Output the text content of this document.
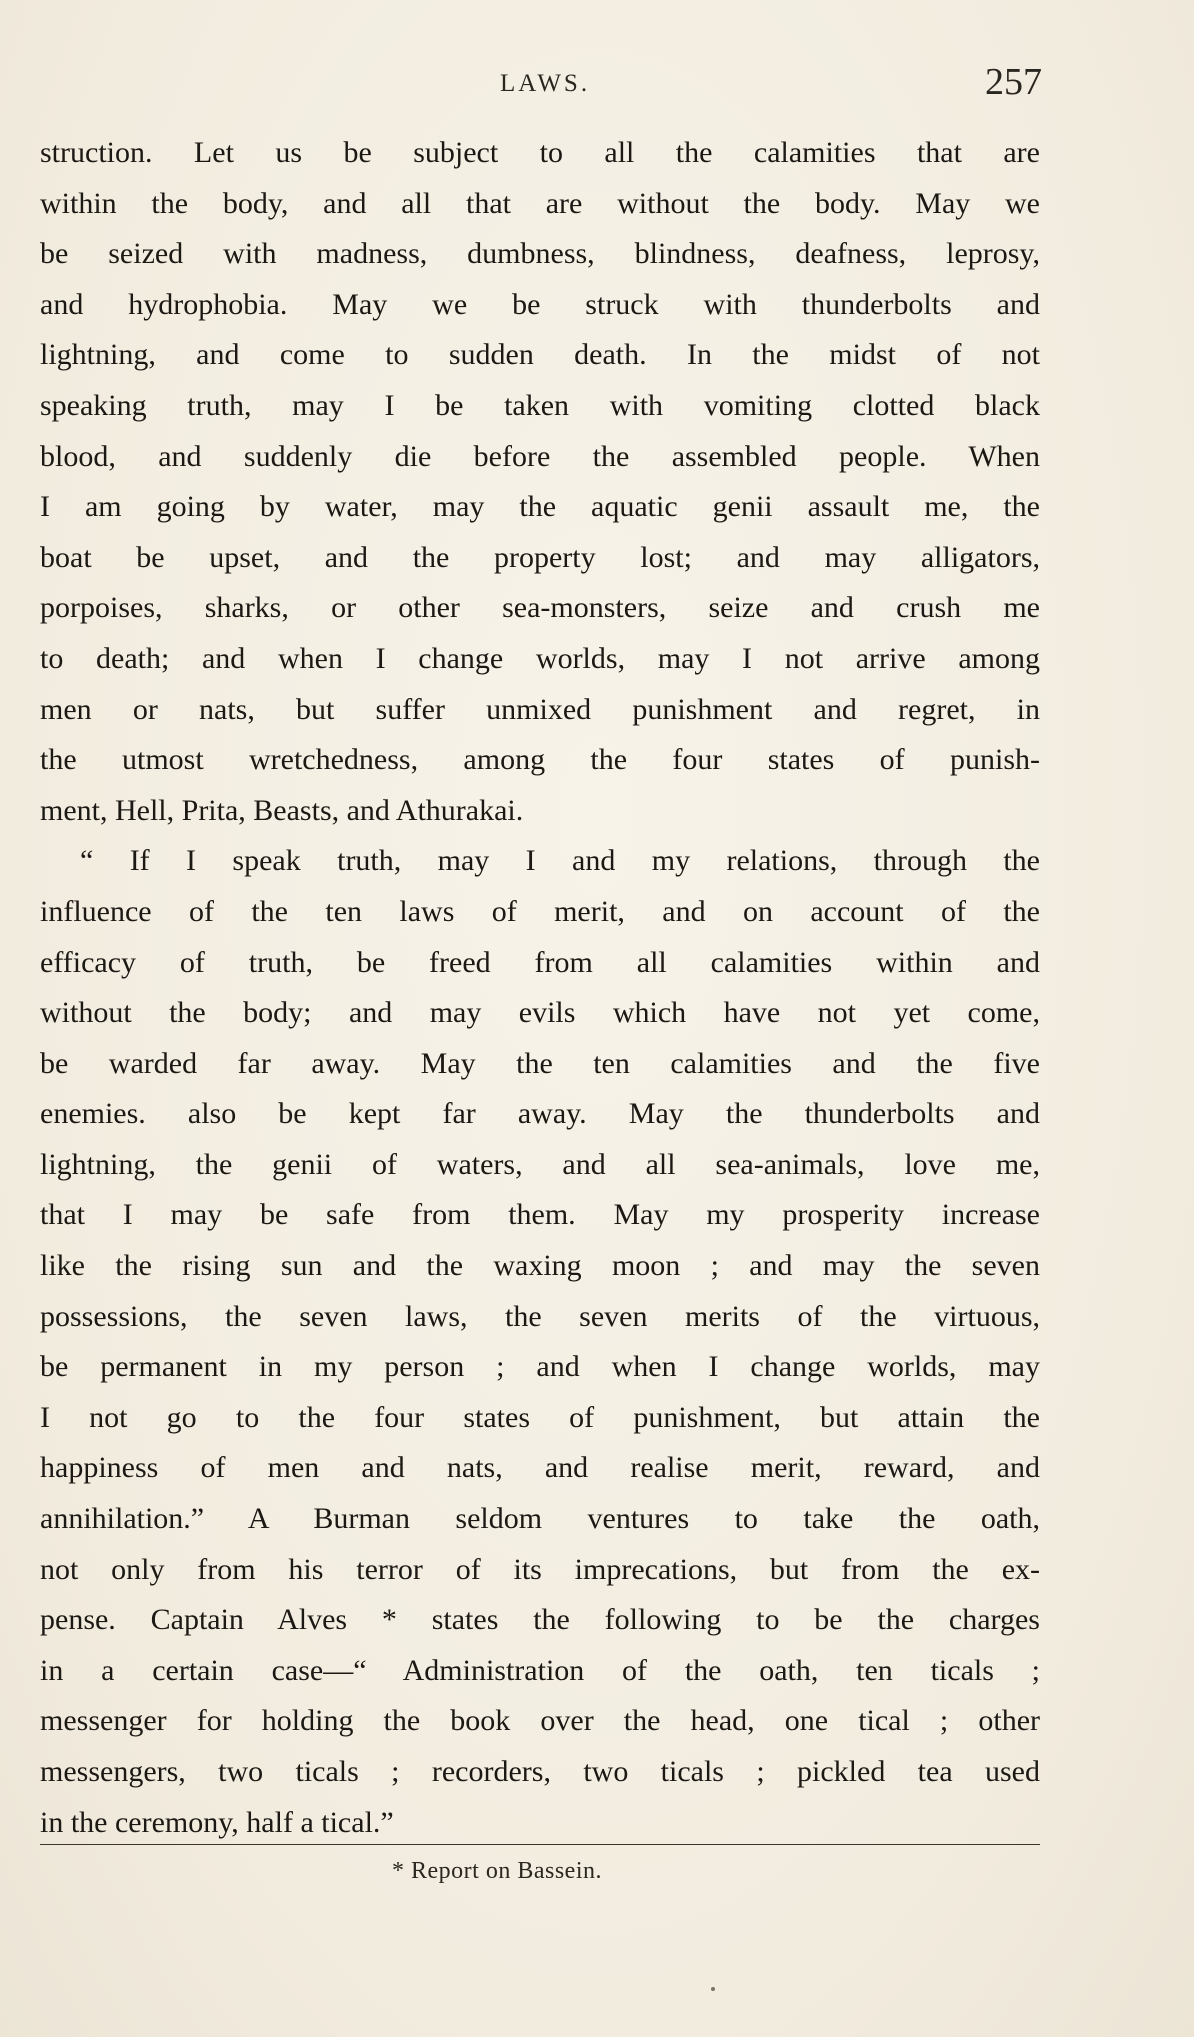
LAWS.	257
struction. Let us be subject to all the calamities that are
within the body, and all that are without the body. May we
be seized with madness, dumbness, blindness, deafness, leprosy,
and hydrophobia. May we be struck with thunderbolts and
lightning, and come to sudden death. In the midst of not
speaking truth, may I be taken with vomiting clotted black
blood, and suddenly die before the assembled people. When
I am going by water, may the aquatic genii assault me, the
boat be upset, and the property lost; and may alligators,
porpoises, sharks, or other sea-monsters, seize and crush me
to death; and when I change worlds, may I not arrive among
men or nats, but suffer unmixed punishment and regret, in
the utmost wretchedness, among the four states of punish-
ment, Hell, Prita, Beasts, and Athurakai.
“ If I speak truth, may I and my relations, through the
influence of the ten laws of merit, and on account of the
efficacy of truth, be freed from all calamities within and
without the body; and may evils which have not yet come,
be warded far away. May the ten calamities and the five
enemies. also be kept far away. May the thunderbolts and
lightning, the genii of waters, and all sea-animals, love me,
that I may be safe from them. May my prosperity increase
like the rising sun and the waxing moon ; and may the seven
possessions, the seven laws, the seven merits of the virtuous,
be permanent in my person ; and when I change worlds, may
I not go to the four states of punishment, but attain the
happiness of men and nats, and realise merit, reward, and
annihilation.” A Burman seldom ventures to take the oath,
not only from his terror of its imprecations, but from the ex-
pense. Captain Alves * states the following to be the charges
in a certain case—“ Administration of the oath, ten ticals ;
messenger for holding the book over the head, one tical ; other
messengers, two ticals ; recorders, two ticals ; pickled tea used
in the ceremony, half a tical.”
* Report on Bassein.
